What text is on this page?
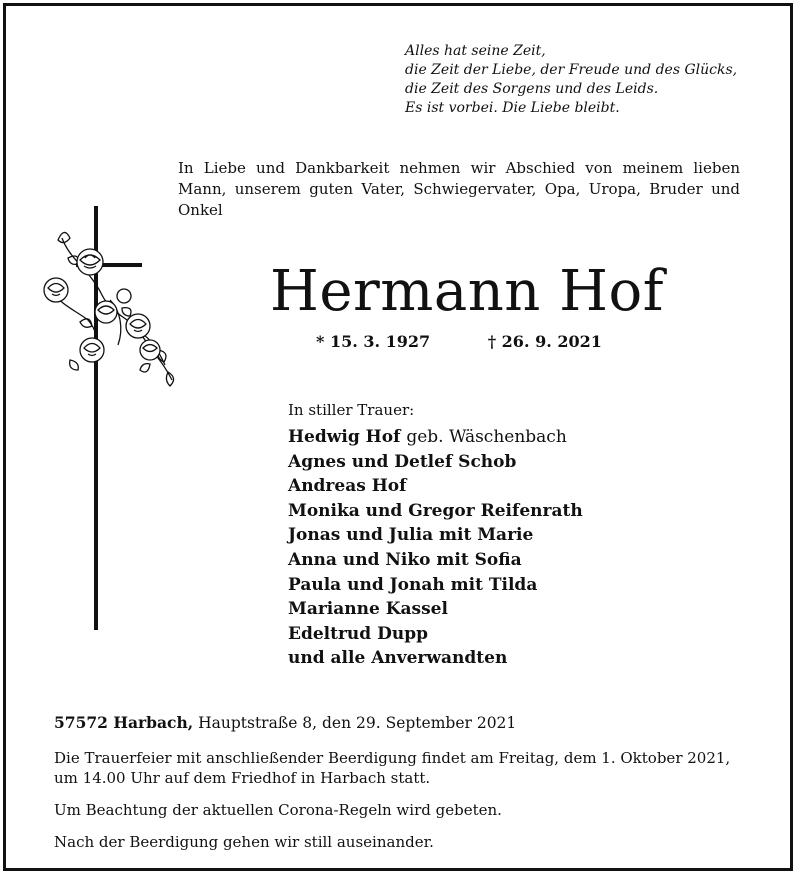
Alles hat seine Zeit,
die Zeit der Liebe, der Freude und des Glücks,
die Zeit des Sorgens und des Leids.
Es ist vorbei. Die Liebe bleibt.
In Liebe und Dankbarkeit nehmen wir Abschied von meinem lieben Mann, unserem guten Vater, Schwiegervater, Opa, Uropa, Bruder und Onkel
Hermann Hof
* 15. 3. 1927	† 26. 9. 2021
In stiller Trauer:
Hedwig Hof geb. Wäschenbach
Agnes und Detlef Schob
Andreas Hof
Monika und Gregor Reifenrath
Jonas und Julia mit Marie
Anna und Niko mit Sofia
Paula und Jonah mit Tilda
Marianne Kassel
Edeltrud Dupp
und alle Anverwandten
57572 Harbach, Hauptstraße 8, den 29. September 2021

Die Trauerfeier mit anschließender Beerdigung findet am Freitag, dem 1. Oktober 2021, um 14.00 Uhr auf dem Friedhof in Harbach statt.

Um Beachtung der aktuellen Corona-Regeln wird gebeten.

Nach der Beerdigung gehen wir still auseinander.
